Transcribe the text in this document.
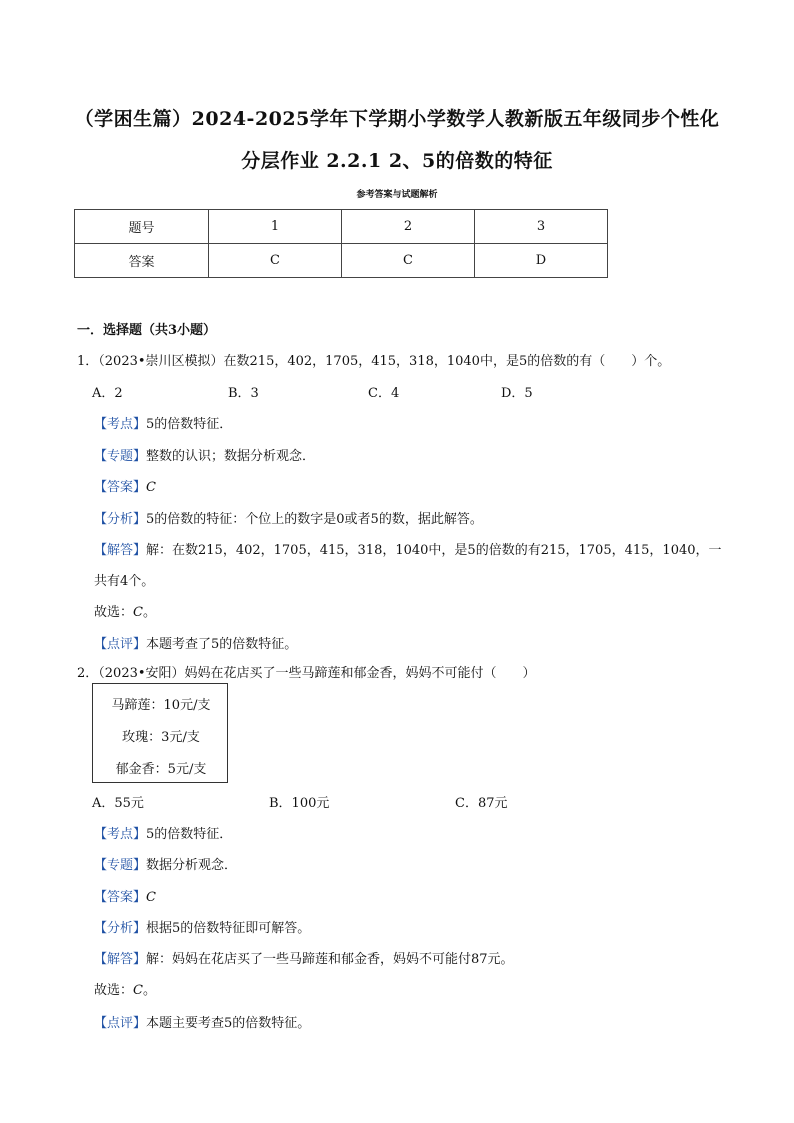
（学困生篇）2024-2025学年下学期小学数学人教新版五年级同步个性化
分层作业 2.2.1 2、5的倍数的特征
参考答案与试题解析
题号	1	2	3
答案	C	C	D
一．选择题（共3小题）
1．（2023•崇川区模拟）在数215，402，1705，415，318，1040中，是5的倍数的有（　　）个。
A．2	B．3	C．4	D．5
【考点】5的倍数特征．
【专题】整数的认识；数据分析观念．
【答案】C
【分析】5的倍数的特征：个位上的数字是0或者5的数，据此解答。
【解答】解：在数215，402，1705，415，318，1040中，是5的倍数的有215，1705，415，1040，一
共有4个。
故选：C。
【点评】本题考查了5的倍数特征。
2．（2023•安阳）妈妈在花店买了一些马蹄莲和郁金香，妈妈不可能付（　　）
马蹄莲：10元/支
玫瑰：3元/支
郁金香：5元/支
A．55元	B．100元	C．87元
【考点】5的倍数特征．
【专题】数据分析观念．
【答案】C
【分析】根据5的倍数特征即可解答。
【解答】解：妈妈在花店买了一些马蹄莲和郁金香，妈妈不可能付87元。
故选：C。
【点评】本题主要考查5的倍数特征。
